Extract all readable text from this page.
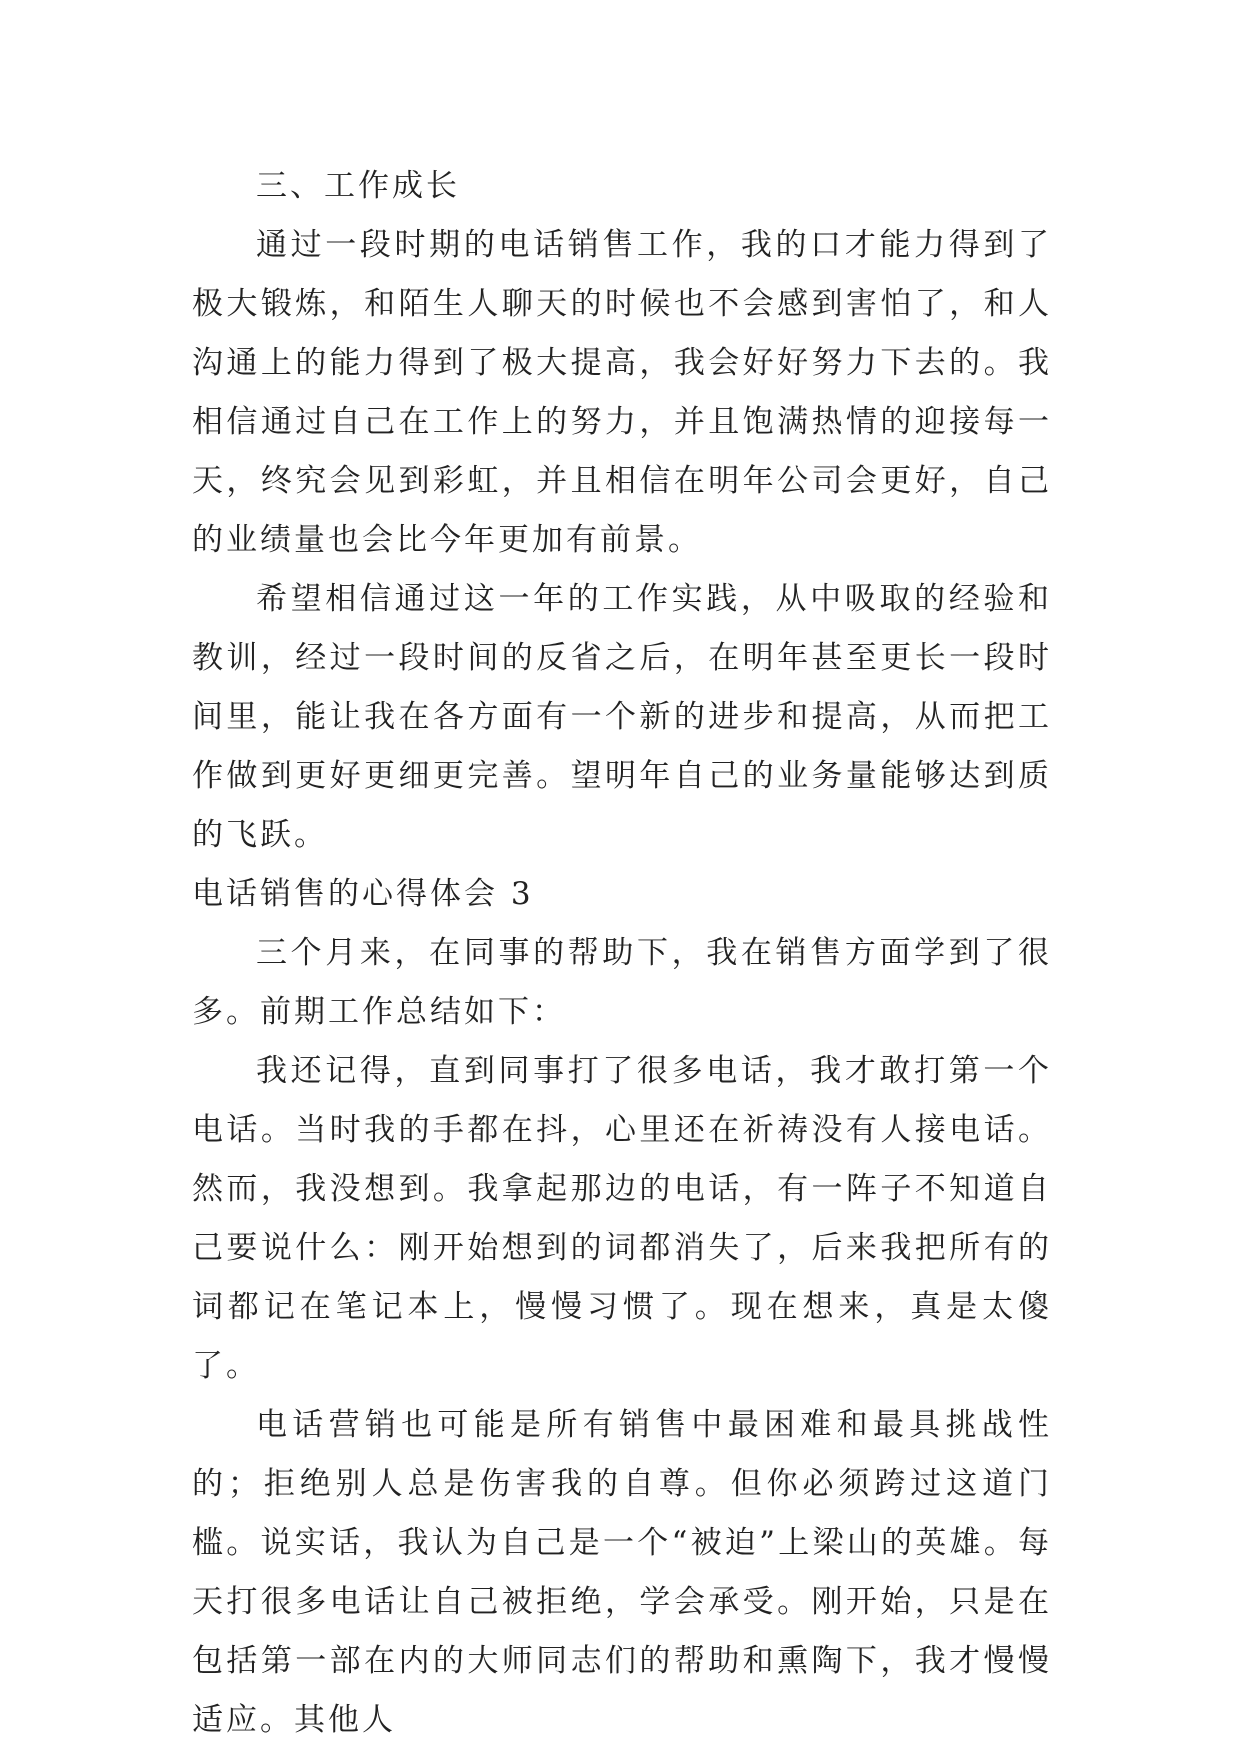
三、工作成长

通过一段时期的电话销售工作，我的口才能力得到了极大锻炼，和陌生人聊天的时候也不会感到害怕了，和人沟通上的能力得到了极大提高，我会好好努力下去的。我相信通过自己在工作上的努力，并且饱满热情的迎接每一天，终究会见到彩虹，并且相信在明年公司会更好，自己的业绩量也会比今年更加有前景。

希望相信通过这一年的工作实践，从中吸取的经验和教训，经过一段时间的反省之后，在明年甚至更长一段时间里，能让我在各方面有一个新的进步和提高，从而把工作做到更好更细更完善。望明年自己的业务量能够达到质的飞跃。

电话销售的心得体会 3

三个月来，在同事的帮助下，我在销售方面学到了很多。前期工作总结如下：

我还记得，直到同事打了很多电话，我才敢打第一个电话。当时我的手都在抖，心里还在祈祷没有人接电话。然而，我没想到。我拿起那边的电话，有一阵子不知道自己要说什么：刚开始想到的词都消失了，后来我把所有的词都记在笔记本上，慢慢习惯了。现在想来，真是太傻了。

电话营销也可能是所有销售中最困难和最具挑战性的；拒绝别人总是伤害我的自尊。但你必须跨过这道门槛。说实话，我认为自己是一个“被迫”上梁山的英雄。每天打很多电话让自己被拒绝，学会承受。刚开始，只是在包括第一部在内的大师同志们的帮助和熏陶下，我才慢慢适应。其他人
